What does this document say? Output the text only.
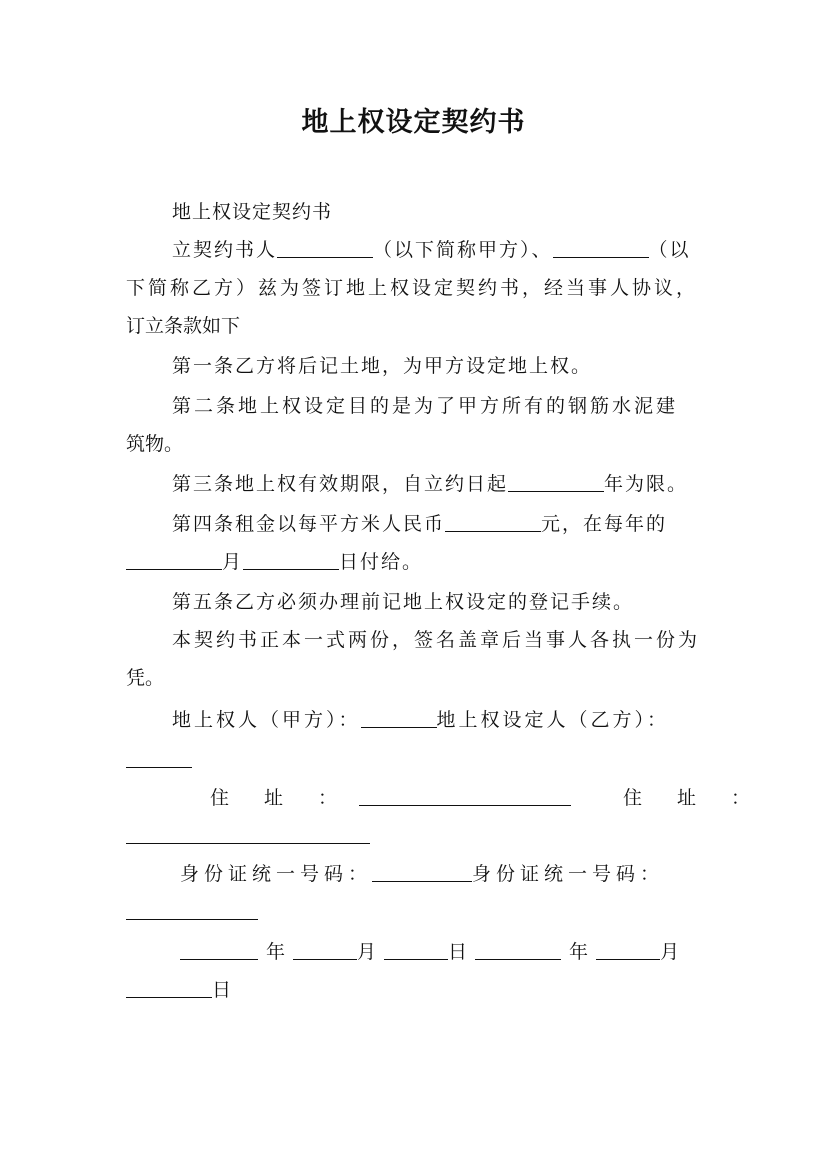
地上权设定契约书
地上权设定契约书
立契约书人	（以下简称甲方）、	（以
下简称乙方）兹为签订地上权设定契约书，经当事人协议，
订立条款如下
第一条乙方将后记土地，为甲方设定地上权。
第二条地上权设定目的是为了甲方所有的钢筋水泥建
筑物。
第三条地上权有效期限，自立约日起	年为限。
第四条租金以每平方米人民币	元，在每年的
月	日付给。
第五条乙方必须办理前记地上权设定的登记手续。
本契约书正本一式两份，签名盖章后当事人各执一份为
凭。
地上权人（甲方）：	地上权设定人（乙方）：
住　址　：	住　址　：
身份证统一号码：	身份证统一号码：
年	月	日	年	月
日
